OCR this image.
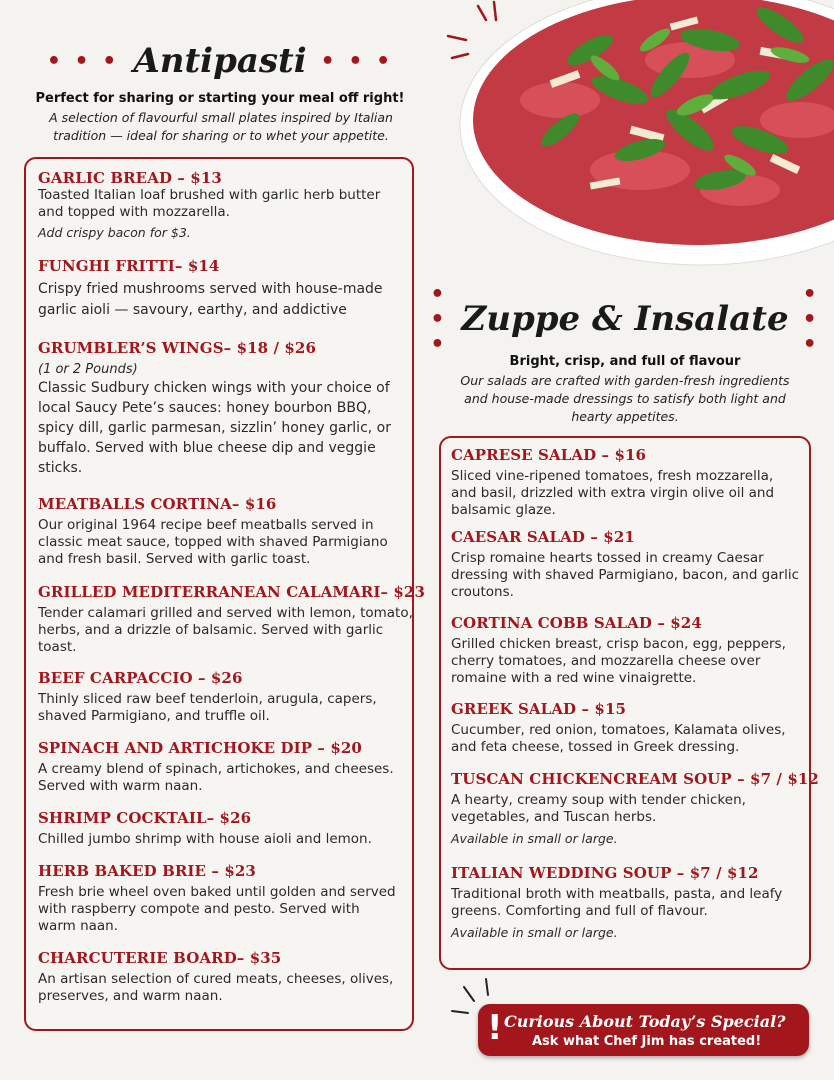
• • • Antipasti • • •
Perfect for sharing or starting your meal off right!
A selection of flavourful small plates inspired by Italian tradition — ideal for sharing or to whet your appetite.
GARLIC BREAD – $13
Toasted Italian loaf brushed with garlic herb butter and topped with mozzarella.
Add crispy bacon for $3.
FUNGHI FRITTI– $14
Crispy fried mushrooms served with house-made garlic aioli — savoury, earthy, and addictive
GRUMBLER’S WINGS– $18 / $26
(1 or 2 Pounds)
Classic Sudbury chicken wings with your choice of local Saucy Pete’s sauces: honey bourbon BBQ, spicy dill, garlic parmesan, sizzlin’ honey garlic, or buffalo. Served with blue cheese dip and veggie sticks.
MEATBALLS CORTINA– $16
Our original 1964 recipe beef meatballs served in classic meat sauce, topped with shaved Parmigiano and fresh basil. Served with garlic toast.
GRILLED MEDITERRANEAN CALAMARI– $23
Tender calamari grilled and served with lemon, tomato, herbs, and a drizzle of balsamic. Served with garlic toast.
BEEF CARPACCIO – $26
Thinly sliced raw beef tenderloin, arugula, capers, shaved Parmigiano, and truffle oil.
SPINACH AND ARTICHOKE DIP – $20
A creamy blend of spinach, artichokes, and cheeses. Served with warm naan.
SHRIMP COCKTAIL– $26
Chilled jumbo shrimp with house aioli and lemon.
HERB BAKED BRIE – $23
Fresh brie wheel oven baked until golden and served with raspberry compote and pesto. Served with warm naan.
CHARCUTERIE BOARD– $35
An artisan selection of cured meats, cheeses, olives, preserves, and warm naan.
• • •
Zuppe & Insalate
• • •
Bright, crisp, and full of flavour
Our salads are crafted with garden-fresh ingredients and house-made dressings to satisfy both light and hearty appetites.
CAPRESE SALAD – $16
Sliced vine-ripened tomatoes, fresh mozzarella, and basil, drizzled with extra virgin olive oil and balsamic glaze.
CAESAR SALAD – $21
Crisp romaine hearts tossed in creamy Caesar dressing with shaved Parmigiano, bacon, and garlic croutons.
CORTINA COBB SALAD – $24
Grilled chicken breast, crisp bacon, egg, peppers, cherry tomatoes, and mozzarella cheese over romaine with a red wine vinaigrette.
GREEK SALAD – $15
Cucumber, red onion, tomatoes, Kalamata olives, and feta cheese, tossed in Greek dressing.
TUSCAN CHICKENCREAM SOUP – $7 / $12
A hearty, creamy soup with tender chicken, vegetables, and Tuscan herbs.
Available in small or large.
ITALIAN WEDDING SOUP – $7 / $12
Traditional broth with meatballs, pasta, and leafy greens. Comforting and full of flavour.
Available in small or large.
! Curious About Today’s Special?
Ask what Chef Jim has created!
